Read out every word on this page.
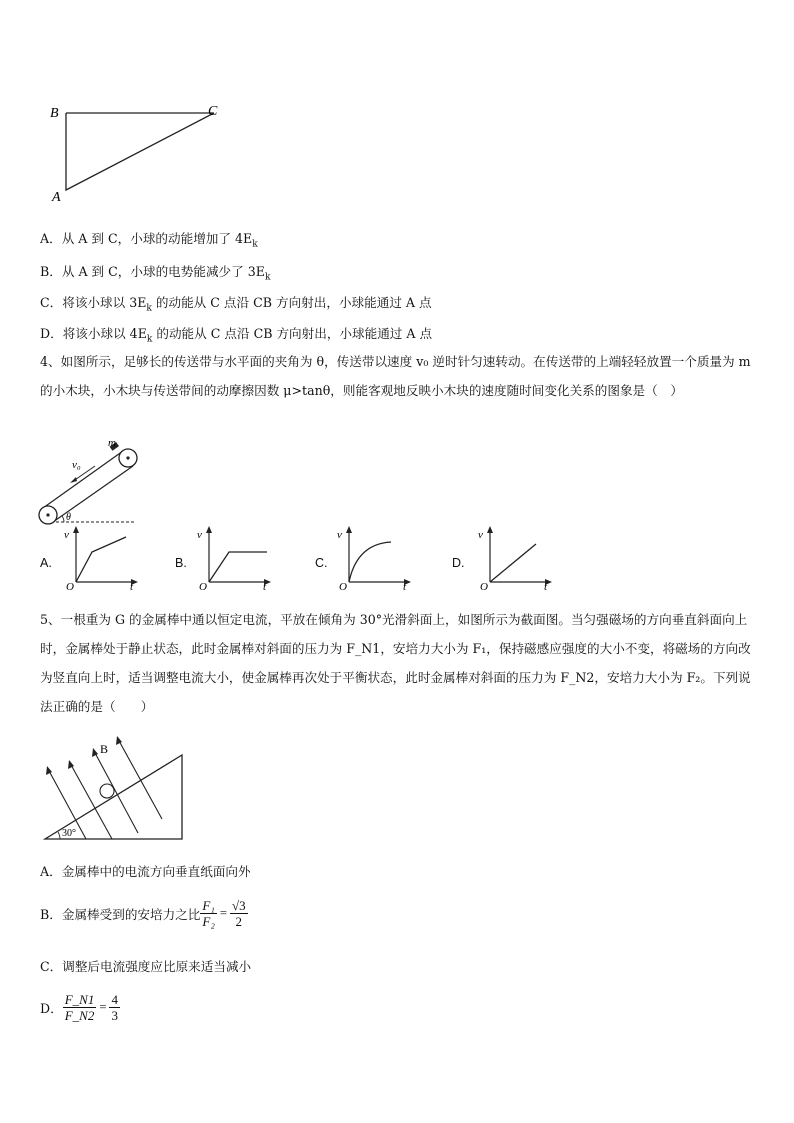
B	C
A
A．从 A 到 C，小球的动能增加了 $4E_k$
B．从 A 到 C，小球的电势能减少了 $3E_k$
C．将该小球以 $3E_k$ 的动能从 C 点沿 CB 方向射出，小球能通过 A 点
D．将该小球以 $4E_k$ 的动能从 C 点沿 CB 方向射出，小球能通过 A 点
4、如图所示，足够长的传送带与水平面的夹角为 θ，传送带以速度 v₀ 逆时针匀速转动。在传送带的上端轻轻放置一个质量为 m 的小木块，小木块与传送带间的动摩擦因数 μ>tanθ，则能客观地反映小木块的速度随时间变化关系的图象是（　）
m
v₀
θ
A.
v
O	t
B.
v
O	t
C.
v
O	t
D.
v
O	t
5、一根重为 G 的金属棒中通以恒定电流，平放在倾角为 30°光滑斜面上，如图所示为截面图。当匀强磁场的方向垂直斜面向上时，金属棒处于静止状态，此时金属棒对斜面的压力为 F_N1，安培力大小为 F₁，保持磁感应强度的大小不变，将磁场的方向改为竖直向上时，适当调整电流大小，使金属棒再次处于平衡状态，此时金属棒对斜面的压力为 F_N2，安培力大小为 F₂。下列说法正确的是（　　）
B
30°
A．金属棒中的电流方向垂直纸面向外
B．金属棒受到的安培力之比 $\frac{\text{F₁}}{\text{F₂}} = \frac{√3}{2}$
C．调整后电流强度应比原来适当减小
D． $\frac{F\_N1}{F\_N2} = \frac{4}{3}$
